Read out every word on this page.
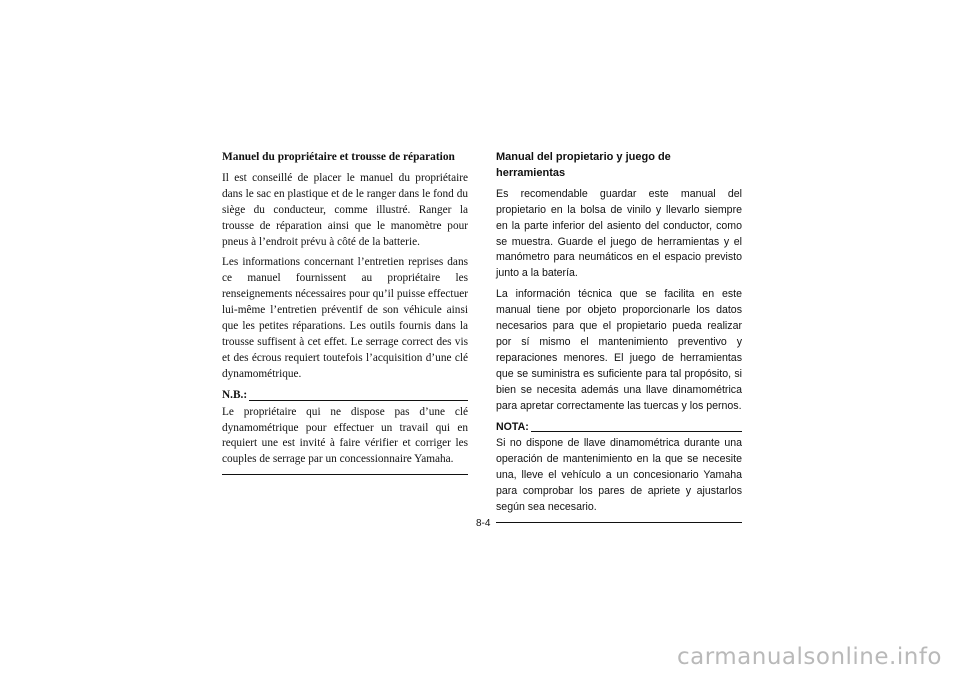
Manuel du propriétaire et trousse de réparation

Il est conseillé de placer le manuel du propriétaire dans le sac en plastique et de le ranger dans le fond du siège du conducteur, comme illustré. Ranger la trousse de réparation ainsi que le manomètre pour pneus à l’endroit prévu à côté de la batterie.

Les informations concernant l’entretien reprises dans ce manuel fournissent au propriétaire les renseignements nécessaires pour qu’il puisse effectuer lui-même l’entretien préventif de son véhicule ainsi que les petites réparations. Les outils fournis dans la trousse suffisent à cet effet. Le serrage correct des vis et des écrous requiert toutefois l’acquisition d’une clé dynamométrique.

N.B.:

Le propriétaire qui ne dispose pas d’une clé dynamométrique pour effectuer un travail qui en requiert une est invité à faire vérifier et corriger les couples de serrage par un concessionnaire Yamaha.

Manual del propietario y juego de herramientas

Es recomendable guardar este manual del propietario en la bolsa de vinilo y llevarlo siempre en la parte inferior del asiento del conductor, como se muestra. Guarde el juego de herramientas y el manómetro para neumáticos en el espacio previsto junto a la batería.

La información técnica que se facilita en este manual tiene por objeto proporcionarle los datos necesarios para que el propietario pueda realizar por sí mismo el mantenimiento preventivo y reparaciones menores. El juego de herramientas que se suministra es suficiente para tal propósito, si bien se necesita además una llave dinamométrica para apretar correctamente las tuercas y los pernos.

NOTA:

Si no dispone de llave dinamométrica durante una operación de mantenimiento en la que se necesite una, lleve el vehículo a un concesionario Yamaha para comprobar los pares de apriete y ajustarlos según sea necesario.

8-4
carmanualsonline.info
